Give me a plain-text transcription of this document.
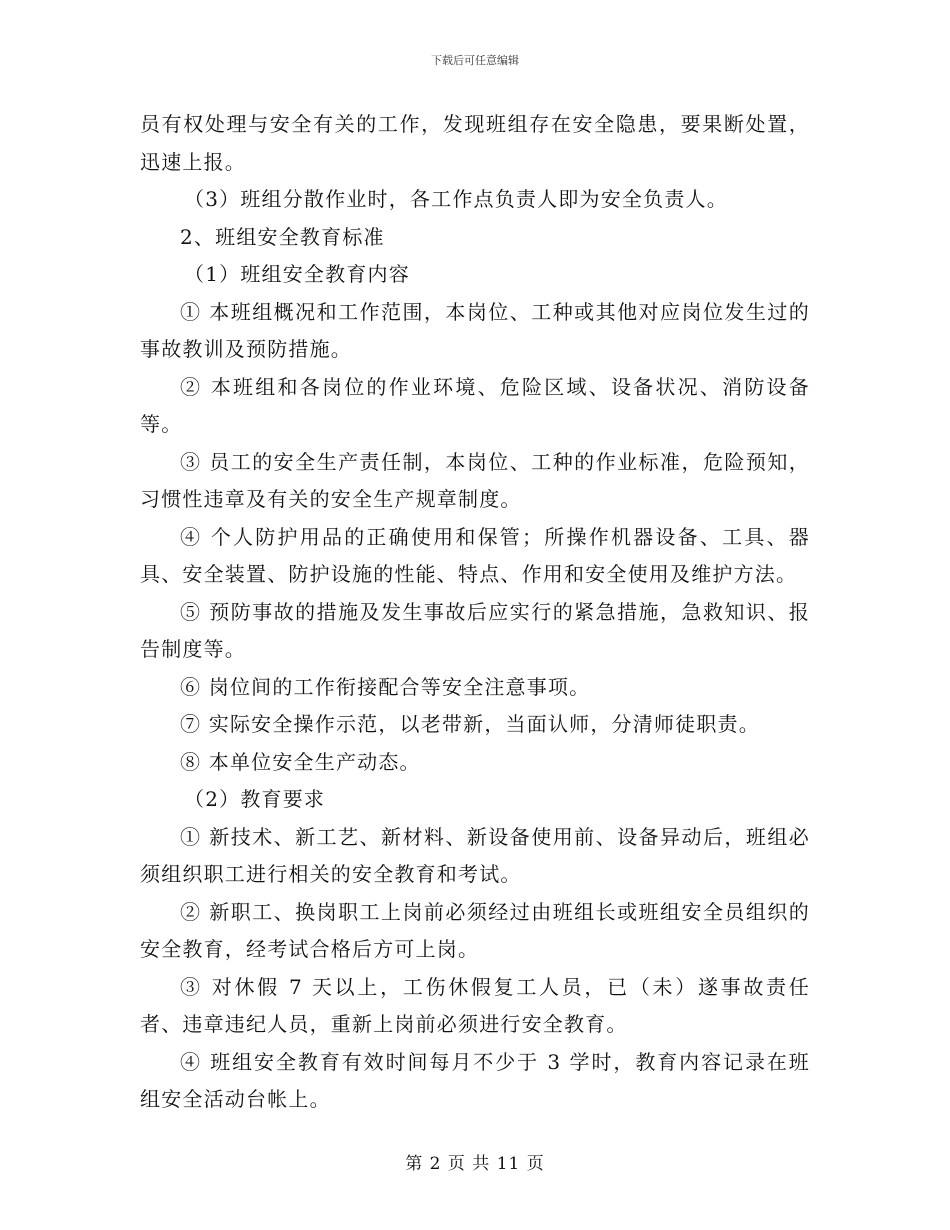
下载后可任意编辑

员有权处理与安全有关的工作，发现班组存在安全隐患，要果断处置，迅速上报。

（3）班组分散作业时，各工作点负责人即为安全负责人。

2、班组安全教育标准

（1）班组安全教育内容

① 本班组概况和工作范围，本岗位、工种或其他对应岗位发生过的事故教训及预防措施。

② 本班组和各岗位的作业环境、危险区域、设备状况、消防设备等。

③ 员工的安全生产责任制，本岗位、工种的作业标准，危险预知，习惯性违章及有关的安全生产规章制度。

④ 个人防护用品的正确使用和保管；所操作机器设备、工具、器具、安全装置、防护设施的性能、特点、作用和安全使用及维护方法。

⑤ 预防事故的措施及发生事故后应实行的紧急措施，急救知识、报告制度等。

⑥ 岗位间的工作衔接配合等安全注意事项。

⑦ 实际安全操作示范，以老带新，当面认师，分清师徒职责。

⑧ 本单位安全生产动态。

（2）教育要求

① 新技术、新工艺、新材料、新设备使用前、设备异动后，班组必须组织职工进行相关的安全教育和考试。

② 新职工、换岗职工上岗前必须经过由班组长或班组安全员组织的安全教育，经考试合格后方可上岗。

③ 对休假 7 天以上，工伤休假复工人员，已（未）遂事故责任者、违章违纪人员，重新上岗前必须进行安全教育。

④ 班组安全教育有效时间每月不少于 3 学时，教育内容记录在班组安全活动台帐上。

第 2 页 共 11 页
